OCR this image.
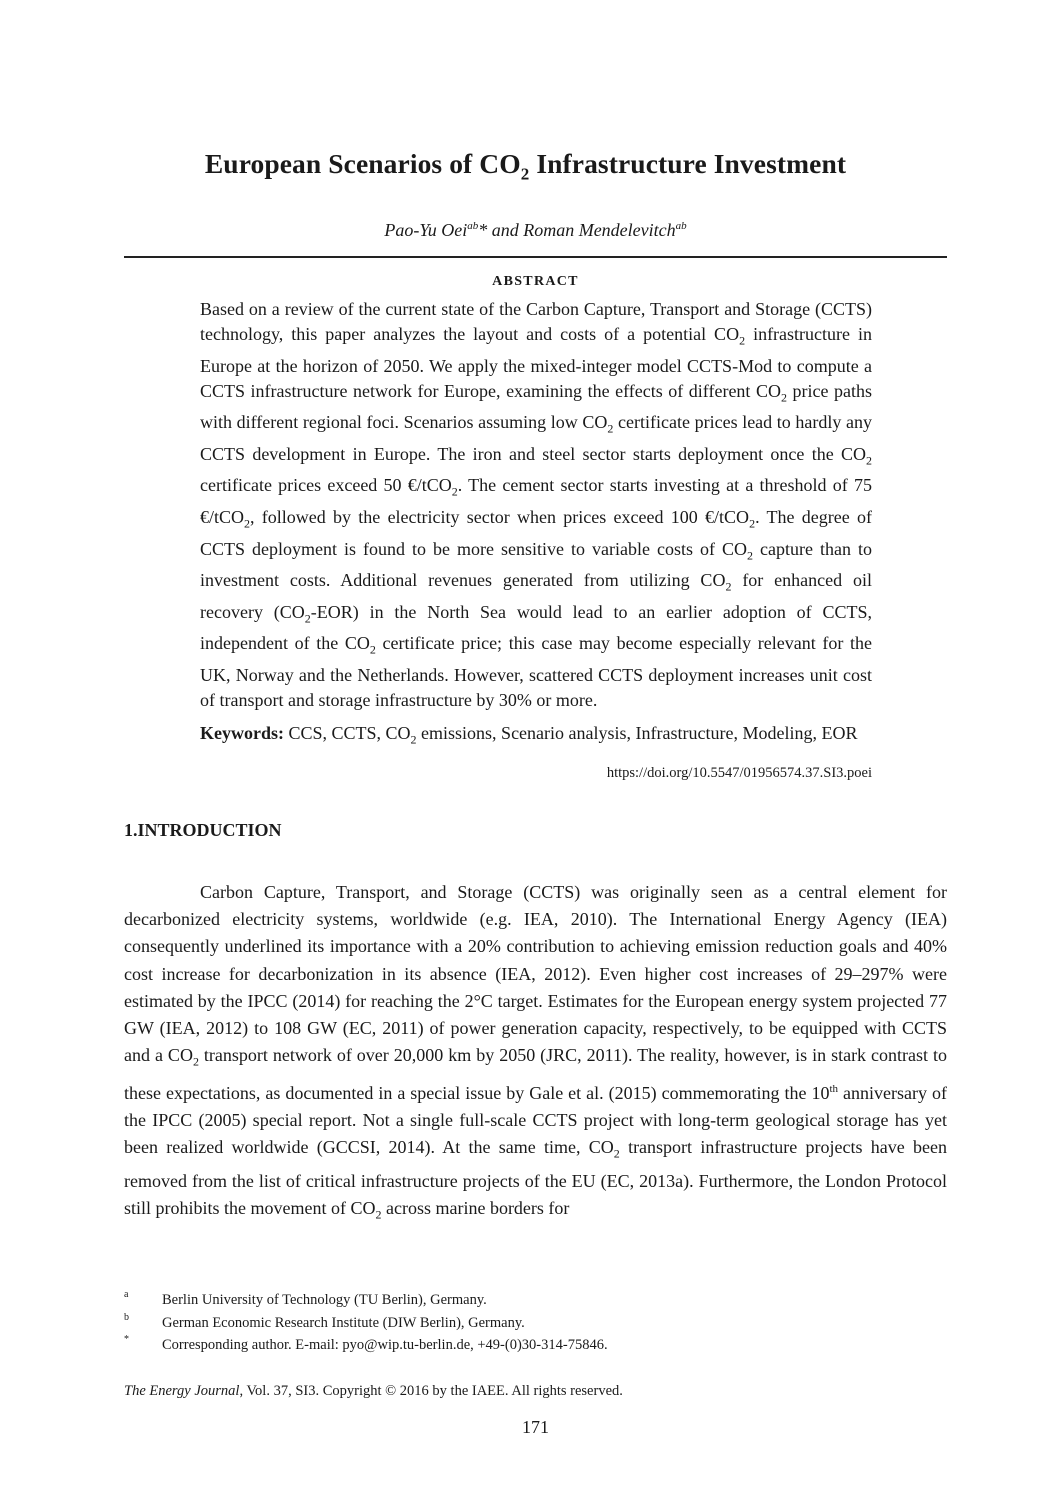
European Scenarios of $CO_2$ Infrastructure Investment
Pao-Yu Oei$^{ab}$* and Roman Mendelevitch$^{ab}$
ABSTRACT

Based on a review of the current state of the Carbon Capture, Transport and Storage (CCTS) technology, this paper analyzes the layout and costs of a potential $CO_2$ infrastructure in Europe at the horizon of 2050. We apply the mixed-integer model CCTS-Mod to compute a CCTS infrastructure network for Europe, examining the effects of different $CO_2$ price paths with different regional foci. Scenarios assuming low $CO_2$ certificate prices lead to hardly any CCTS development in Europe. The iron and steel sector starts deployment once the $CO_2$ certificate prices exceed 50 €/tCO$_2$. The cement sector starts investing at a threshold of 75 €/tCO$_2$, followed by the electricity sector when prices exceed 100 €/tCO$_2$. The degree of CCTS deployment is found to be more sensitive to variable costs of $CO_2$ capture than to investment costs. Additional revenues generated from utilizing $CO_2$ for enhanced oil recovery $(CO_2-EOR)$ in the North Sea would lead to an earlier adoption of CCTS, independent of the $CO_2$ certificate price; this case may become especially relevant for the UK, Norway and the Netherlands. However, scattered CCTS deployment increases unit cost of transport and storage infrastructure by 30% or more.

Keywords: CCS, CCTS, $CO_2$ emissions, Scenario analysis, Infrastructure, Modeling, EOR

https://doi.org/10.5547/01956574.37.SI3.poei
1.INTRODUCTION

Carbon Capture, Transport, and Storage (CCTS) was originally seen as a central element for decarbonized electricity systems, worldwide (e.g. IEA, 2010). The International Energy Agency (IEA) consequently underlined its importance with a 20% contribution to achieving emission reduction goals and 40% cost increase for decarbonization in its absence (IEA, 2012). Even higher cost increases of 29–297% were estimated by the IPCC (2014) for reaching the 2°C target. Estimates for the European energy system projected 77 GW (IEA, 2012) to 108 GW (EC, 2011) of power generation capacity, respectively, to be equipped with CCTS and a $CO_2$ transport network of over 20,000 km by 2050 (JRC, 2011). The reality, however, is in stark contrast to these expectations, as documented in a special issue by Gale et al. (2015) commemorating the 10th anniversary of the IPCC (2005) special report. Not a single full-scale CCTS project with long-term geological storage has yet been realized worldwide (GCCSI, 2014). At the same time, $CO_2$ transport infrastructure projects have been removed from the list of critical infrastructure projects of the EU (EC, 2013a). Furthermore, the London Protocol still prohibits the movement of $CO_2$ across marine borders for

a Berlin University of Technology (TU Berlin), Germany.
b German Economic Research Institute (DIW Berlin), Germany.
* Corresponding author. E-mail: pyo@wip.tu-berlin.de, +49-(0)30-314-75846.
The Energy Journal, Vol. 37, SI3. Copyright © 2016 by the IAEE. All rights reserved.
171
